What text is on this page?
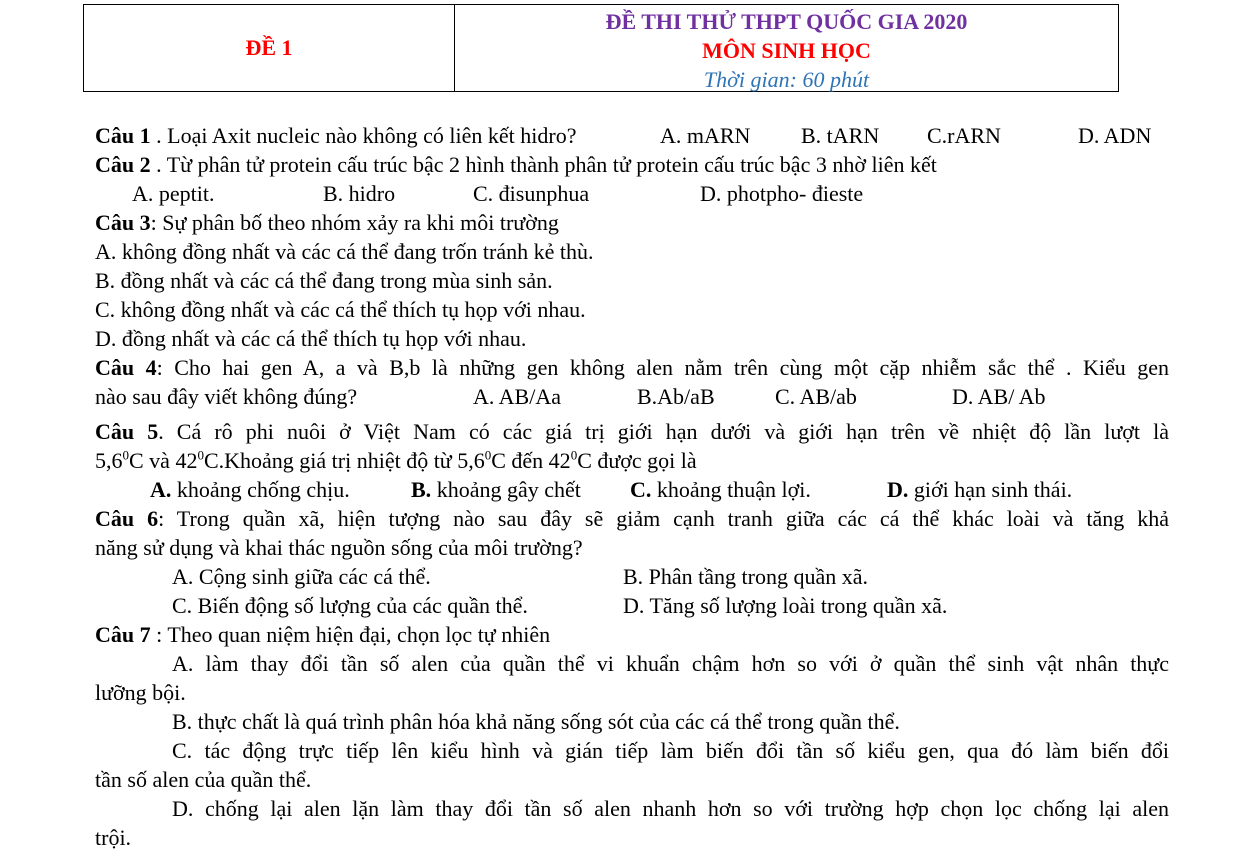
ĐỀ 1
ĐỀ THI THỬ THPT QUỐC GIA 2020
MÔN SINH HỌC
Thời gian: 60 phút
Câu 1 . Loại Axit nucleic nào không có liên kết hidro?	A. mARN B. tARN C.rARN	D. ADN
Câu 2 . Từ phân tử protein cấu trúc bậc 2 hình thành phân tử protein cấu trúc bậc 3 nhờ liên kết
A. peptit.	B. hidro	C. đisunphua	D. photpho- đieste
Câu 3: Sự phân bố theo nhóm xảy ra khi môi trường
A. không đồng nhất và các cá thể đang trốn tránh kẻ thù.
B. đồng nhất và các cá thể đang trong mùa sinh sản.
C. không đồng nhất và các cá thể thích tụ họp với nhau.
D. đồng nhất và các cá thể thích tụ họp với nhau.
Câu 4: Cho hai gen A, a và B,b là những gen không alen nằm trên cùng một cặp nhiễm sắc thể . Kiểu gen
nào sau đây viết không đúng?	A. AB/Aa	B.Ab/aB	C. AB/ab	D. AB/ Ab
Câu 5. Cá rô phi nuôi ở Việt Nam có các giá trị giới hạn dưới và giới hạn trên về nhiệt độ lần lượt là
$5,6^0C$ và $42^0C.Khoảng$ giá trị nhiệt độ từ $5,6^0C$ đến $42^0C$ được gọi là
A. khoảng chống chịu.	B. khoảng gây chết C. khoảng thuận lợi.	D. giới hạn sinh thái.
Câu 6: Trong quần xã, hiện tượng nào sau đây sẽ giảm cạnh tranh giữa các cá thể khác loài và tăng khả
năng sử dụng và khai thác nguồn sống của môi trường?
A. Cộng sinh giữa các cá thể.	B. Phân tầng trong quần xã.
C. Biến động số lượng của các quần thể.	D. Tăng số lượng loài trong quần xã.
Câu 7 : Theo quan niệm hiện đại, chọn lọc tự nhiên
A. làm thay đổi tần số alen của quần thể vi khuẩn chậm hơn so với ở quần thể sinh vật nhân thực
lưỡng bội.
B. thực chất là quá trình phân hóa khả năng sống sót của các cá thể trong quần thể.
C. tác động trực tiếp lên kiểu hình và gián tiếp làm biến đổi tần số kiểu gen, qua đó làm biến đổi
tần số alen của quần thể.
D. chống lại alen lặn làm thay đổi tần số alen nhanh hơn so với trường hợp chọn lọc chống lại alen
trội.
